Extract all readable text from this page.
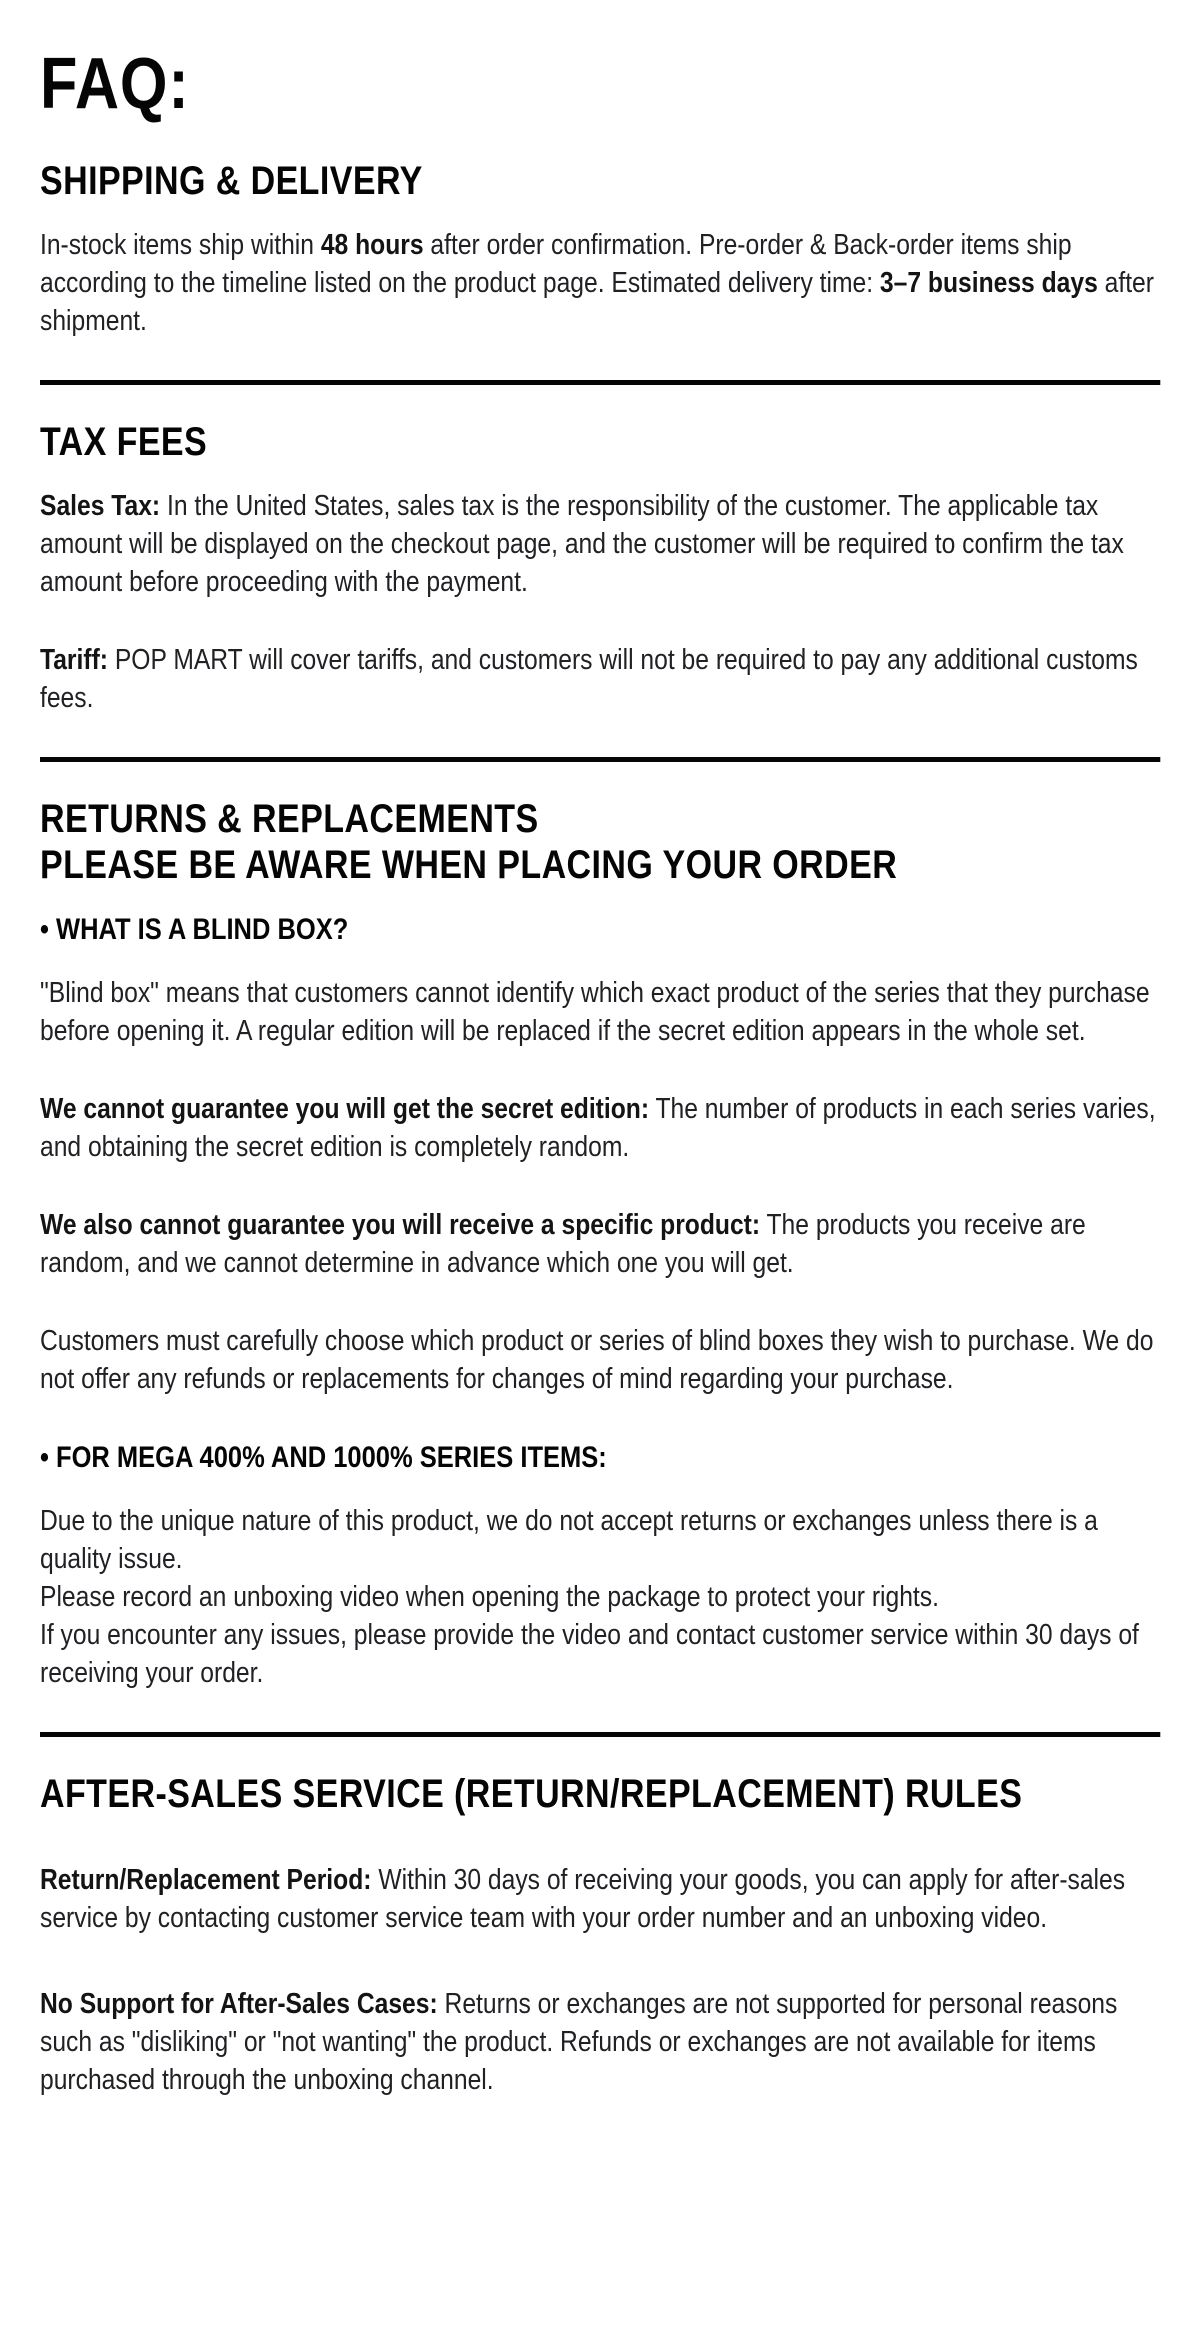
FAQ:
SHIPPING & DELIVERY

In-stock items ship within 48 hours after order confirmation. Pre-order & Back-order items ship according to the timeline listed on the product page. Estimated delivery time: 3–7 business days after shipment.

TAX FEES

Sales Tax: In the United States, sales tax is the responsibility of the customer. The applicable tax amount will be displayed on the checkout page, and the customer will be required to confirm the tax amount before proceeding with the payment.

Tariff: POP MART will cover tariffs, and customers will not be required to pay any additional customs fees.

RETURNS & REPLACEMENTS
PLEASE BE AWARE WHEN PLACING YOUR ORDER
• WHAT IS A BLIND BOX?

"Blind box" means that customers cannot identify which exact product of the series that they purchase before opening it. A regular edition will be replaced if the secret edition appears in the whole set.

We cannot guarantee you will get the secret edition: The number of products in each series varies, and obtaining the secret edition is completely random.

We also cannot guarantee you will receive a specific product: The products you receive are random, and we cannot determine in advance which one you will get.

Customers must carefully choose which product or series of blind boxes they wish to purchase. We do not offer any refunds or replacements for changes of mind regarding your purchase.

• FOR MEGA 400% AND 1000% SERIES ITEMS:

Due to the unique nature of this product, we do not accept returns or exchanges unless there is a quality issue.
Please record an unboxing video when opening the package to protect your rights.
If you encounter any issues, please provide the video and contact customer service within 30 days of receiving your order.

AFTER-SALES SERVICE (RETURN/REPLACEMENT) RULES

Return/Replacement Period: Within 30 days of receiving your goods, you can apply for after-sales service by contacting customer service team with your order number and an unboxing video.

No Support for After-Sales Cases: Returns or exchanges are not supported for personal reasons such as "disliking" or "not wanting" the product. Refunds or exchanges are not available for items purchased through the unboxing channel.
